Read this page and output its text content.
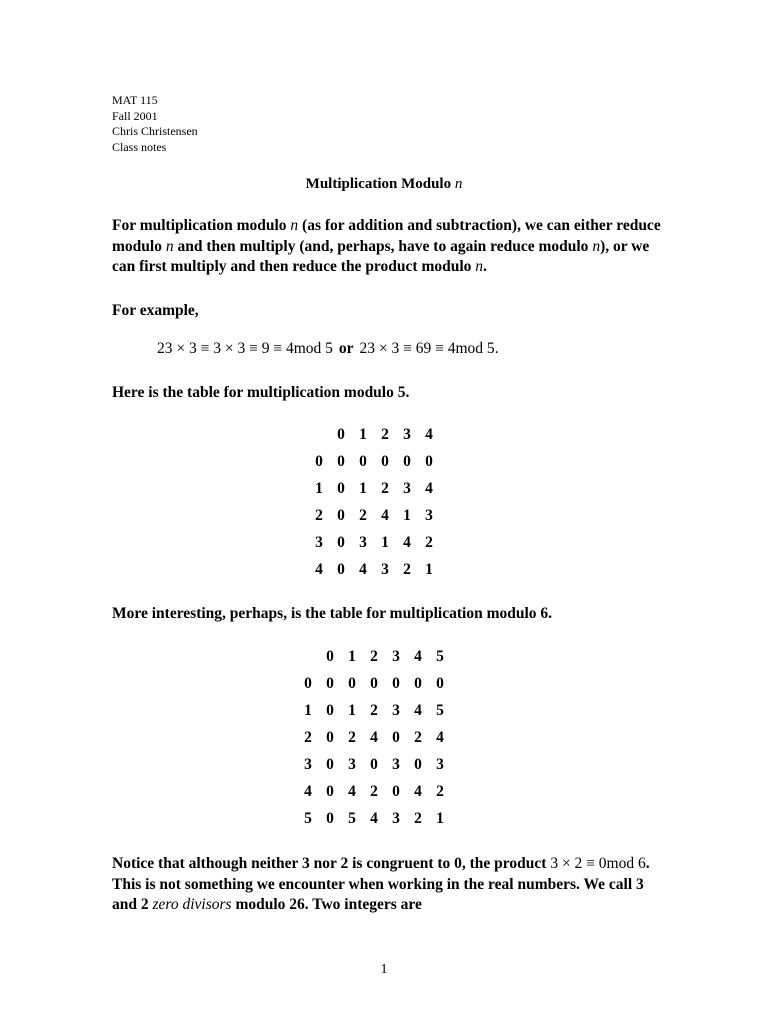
MAT 115
Fall 2001
Chris Christensen
Class notes
Multiplication Modulo n
For multiplication modulo n (as for addition and subtraction), we can either reduce modulo n and then multiply (and, perhaps, have to again reduce modulo n), or we can first multiply and then reduce the product modulo n.
For example,
23 × 3 ≡ 3 × 3 ≡ 9 ≡ 4mod 5 or 23 × 3 ≡ 69 ≡ 4mod 5.
Here is the table for multiplication modulo 5.
	0	1	2	3	4
0	0	0	0	0	0
1	0	1	2	3	4
2	0	2	4	1	3
3	0	3	1	4	2
4	0	4	3	2	1
More interesting, perhaps, is the table for multiplication modulo 6.
	0	1	2	3	4	5
0	0	0	0	0	0	0
1	0	1	2	3	4	5
2	0	2	4	0	2	4
3	0	3	0	3	0	3
4	0	4	2	0	4	2
5	0	5	4	3	2	1
Notice that although neither 3 nor 2 is congruent to 0, the product 3 × 2 ≡ 0mod 6. This is not something we encounter when working in the real numbers. We call 3 and 2 zero divisors modulo 26. Two integers are
1
